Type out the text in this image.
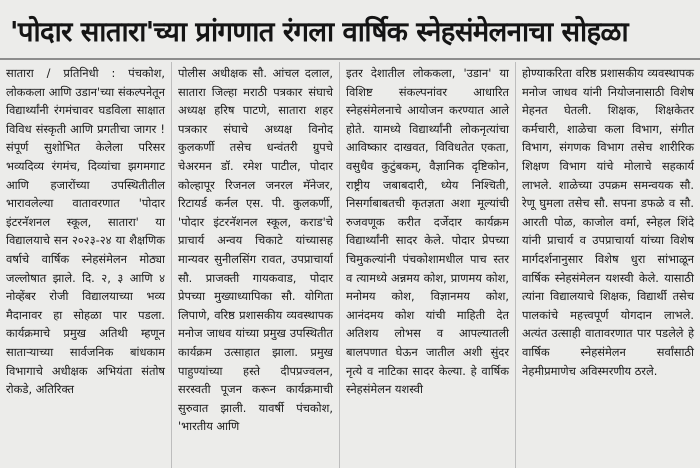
'पोदार सातारा'च्या प्रांगणात रंगला वार्षिक स्नेहसंमेलनाचा सोहळा

सातारा / प्रतिनिधी : पंचकोश, लोककला आणि उडान'च्या संकल्पनेतून विद्यार्थ्यांनी रंगमंचावर घडविला साक्षात विविध संस्कृती आणि प्रगतीचा जागर ! संपूर्ण सुशोभित केलेला परिसर भव्यदिव्य रंगमंच, दिव्यांचा झगमगाट आणि हजारोंच्या उपस्थितीतील भारावलेल्या वातावरणात 'पोदार इंटरनॅशनल स्कूल, सातारा' या विद्यालयाचे सन २०२३-२४ या शैक्षणिक वर्षाचे वार्षिक स्नेहसंमेलन मोठ्या जल्लोषात झाले. दि. २, ३ आणि ४ नोव्हेंबर रोजी विद्यालयाच्या भव्य मैदानावर हा सोहळा पार पडला. कार्यक्रमाचे प्रमुख अतिथी म्हणून साताऱ्याच्या सार्वजनिक बांधकाम विभागाचे अधीक्षक अभियंता संतोष रोकडे, अतिरिक्त

पोलीस अधीक्षक सौ. आंचल दलाल, सातारा जिल्हा मराठी पत्रकार संघाचे अध्यक्ष हरिष पाटणे, सातारा शहर पत्रकार संघाचे अध्यक्ष विनोद कुलकर्णी तसेच धन्वंतरी ग्रुपचे चेअरमन डॉ. रमेश पाटील, पोदार कोल्हापूर रिजनल जनरल मॅनेजर, रिटायर्ड कर्नल एस. पी. कुलकर्णी, 'पोदार इंटरनॅशनल स्कूल, कराड'चे प्राचार्य अन्वय चिकाटे यांच्यासह मान्यवर सुनीलसिंग रावत, उपप्राचार्या सौ. प्राजक्ती गायकवाड, पोदार प्रेपच्या मुख्याध्यापिका सौ. योगिता लिपाणे, वरिष्ठ प्रशासकीय व्यवस्थापक मनोज जाधव यांच्या प्रमुख उपस्थितीत कार्यक्रम उत्साहात झाला. प्रमुख पाहुण्यांच्या हस्ते दीपप्रज्वलन, सरस्वती पूजन करून कार्यक्रमाची सुरुवात झाली. यावर्षी पंचकोश, 'भारतीय आणि

इतर देशातील लोककला, 'उडान' या विशिष्ट संकल्पनांवर आधारित स्नेहसंमेलनाचे आयोजन करण्यात आले होते. यामध्ये विद्यार्थ्यांनी लोकनृत्यांचा आविष्कार दाखवत, विविधतेत एकता, वसुधैव कुटुंबकम्, वैज्ञानिक दृष्टिकोन, राष्ट्रीय जबाबदारी, ध्येय निश्चिती, निसर्गाबाबतची कृतज्ञता अशा मूल्यांची रुजवणूक करीत दर्जेदार कार्यक्रम विद्यार्थ्यांनी सादर केले. पोदार प्रेपच्या चिमुकल्यांनी पंचकोशामधील पाच स्तर व त्यामध्ये अन्नमय कोश, प्राणमय कोश, मनोमय कोश, विज्ञानमय कोश, आनंदमय कोश यांची माहिती देत अतिशय लोभस व आपल्यातली बालपणात घेऊन जातील अशी सुंदर नृत्ये व नाटिका सादर केल्या. हे वार्षिक स्नेहसंमेलन यशस्वी

होण्याकरिता वरिष्ठ प्रशासकीय व्यवस्थापक मनोज जाधव यांनी नियोजनासाठी विशेष मेहनत घेतली. शिक्षक, शिक्षकेतर कर्मचारी, शाळेचा कला विभाग, संगीत विभाग, संगणक विभाग तसेच शारीरिक शिक्षण विभाग यांचे मोलाचे सहकार्य लाभले. शाळेच्या उपक्रम समन्वयक सौ. रेणू घुमला तसेच सौ. सपना डफळे व सौ. आरती पोळ, काजोल वर्मा, स्नेहल शिंदे यांनी प्राचार्य व उपप्राचार्या यांच्या विशेष मार्गदर्शनानुसार विशेष धुरा सांभाळून वार्षिक स्नेहसंमेलन यशस्वी केले. यासाठी त्यांना विद्यालयाचे शिक्षक, विद्यार्थी तसेच पालकांचे महत्त्वपूर्ण योगदान लाभले. अत्यंत उत्साही वातावरणात पार पडलेले हे वार्षिक स्नेहसंमेलन सर्वांसाठी नेहमीप्रमाणेच अविस्मरणीय ठरले.
